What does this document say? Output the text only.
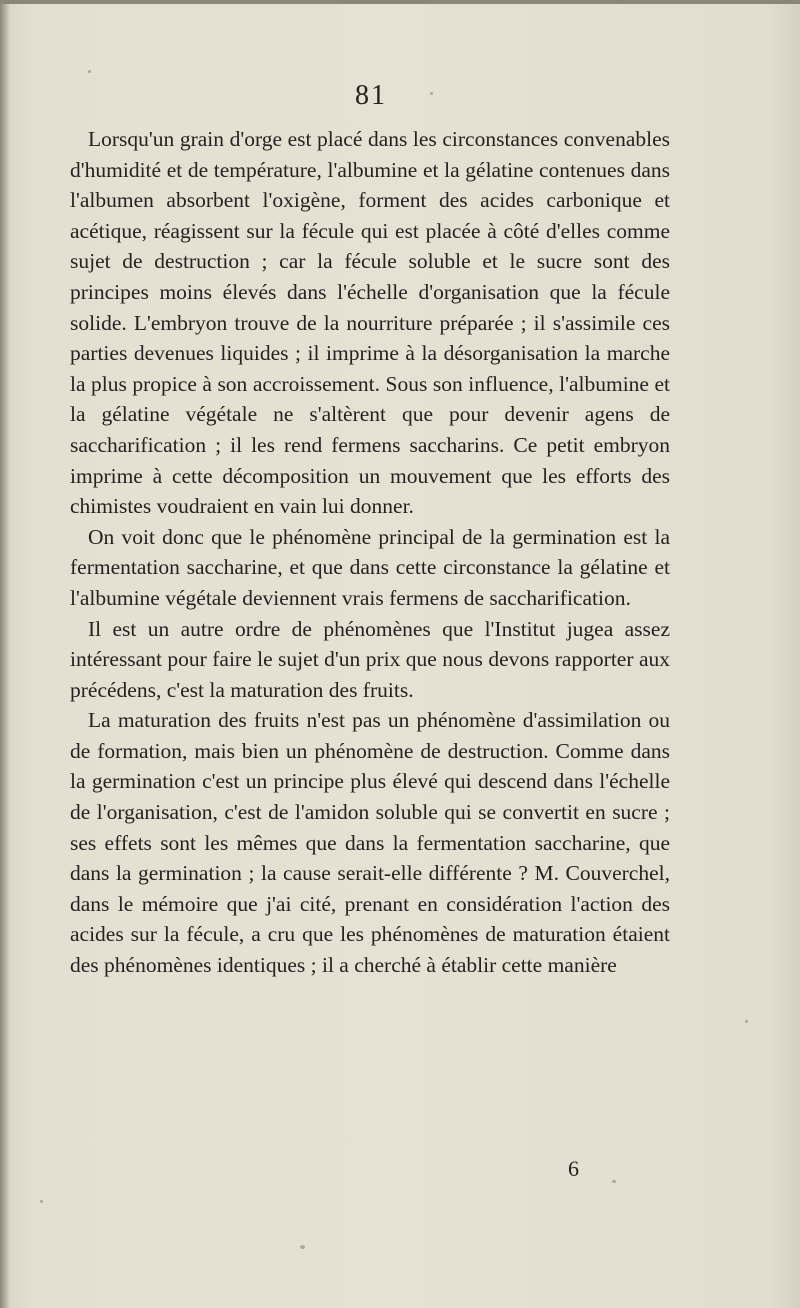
81

Lorsqu'un grain d'orge est placé dans les circonstances convenables d'humidité et de température, l'albumine et la gélatine contenues dans l'albumen absorbent l'oxigène, forment des acides carbonique et acétique, réagissent sur la fécule qui est placée à côté d'elles comme sujet de destruction ; car la fécule soluble et le sucre sont des principes moins élevés dans l'échelle d'organisation que la fécule solide. L'embryon trouve de la nourriture préparée ; il s'assimile ces parties devenues liquides ; il imprime à la désorganisation la marche la plus propice à son accroissement. Sous son influence, l'albumine et la gélatine végétale ne s'altèrent que pour devenir agens de saccharification ; il les rend fermens saccharins. Ce petit embryon imprime à cette décomposition un mouvement que les efforts des chimistes voudraient en vain lui donner.

On voit donc que le phénomène principal de la germination est la fermentation saccharine, et que dans cette circonstance la gélatine et l'albumine végétale deviennent vrais fermens de saccharification.

Il est un autre ordre de phénomènes que l'Institut jugea assez intéressant pour faire le sujet d'un prix que nous devons rapporter aux précédens, c'est la maturation des fruits.

La maturation des fruits n'est pas un phénomène d'assimilation ou de formation, mais bien un phénomène de destruction. Comme dans la germination c'est un principe plus élevé qui descend dans l'échelle de l'organisation, c'est de l'amidon soluble qui se convertit en sucre ; ses effets sont les mêmes que dans la fermentation saccharine, que dans la germination ; la cause serait-elle différente ? M. Couverchel, dans le mémoire que j'ai cité, prenant en considération l'action des acides sur la fécule, a cru que les phénomènes de maturation étaient des phénomènes identiques ; il a cherché à établir cette manière

6
